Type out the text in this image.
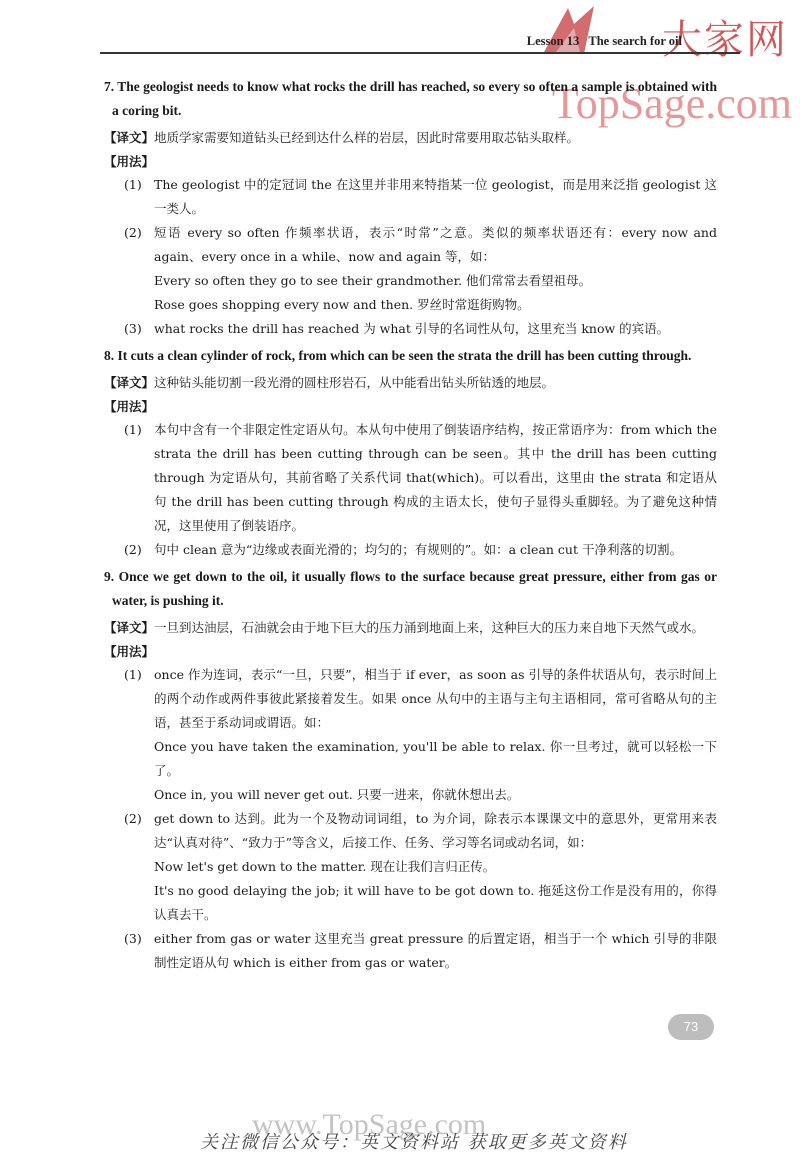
大家网
Lesson 13 The search for oil
TopSage.com

7. The geologist needs to know what rocks the drill has reached, so every so often a sample is obtained with a coring bit.

【译文】地质学家需要知道钻头已经到达什么样的岩层，因此时常要用取芯钻头取样。

【用法】

(1) The geologist 中的定冠词 the 在这里并非用来特指某一位 geologist，而是用来泛指 geologist 这一类人。

(2) 短语 every so often 作频率状语，表示“时常”之意。类似的频率状语还有：every now and again、every once in a while、now and again 等，如：

Every so often they go to see their grandmother. 他们常常去看望祖母。

Rose goes shopping every now and then. 罗丝时常逛街购物。

(3) what rocks the drill has reached 为 what 引导的名词性从句，这里充当 know 的宾语。

8. It cuts a clean cylinder of rock, from which can be seen the strata the drill has been cutting through.

【译文】这种钻头能切割一段光滑的圆柱形岩石，从中能看出钻头所钻透的地层。

【用法】

(1) 本句中含有一个非限定性定语从句。本从句中使用了倒装语序结构，按正常语序为：from which the strata the drill has been cutting through can be seen。其中 the drill has been cutting through 为定语从句，其前省略了关系代词 that(which)。可以看出，这里由 the strata 和定语从句 the drill has been cutting through 构成的主语太长，使句子显得头重脚轻。为了避免这种情况，这里使用了倒装语序。

(2) 句中 clean 意为“边缘或表面光滑的；均匀的；有规则的”。如：a clean cut 干净利落的切割。

9. Once we get down to the oil, it usually flows to the surface because great pressure, either from gas or water, is pushing it.

【译文】一旦到达油层，石油就会由于地下巨大的压力涌到地面上来，这种巨大的压力来自地下天然气或水。

【用法】

(1) once 作为连词，表示“一旦，只要”，相当于 if ever，as soon as 引导的条件状语从句，表示时间上的两个动作或两件事彼此紧接着发生。如果 once 从句中的主语与主句主语相同，常可省略从句的主语，甚至于系动词或谓语。如：

Once you have taken the examination, you'll be able to relax. 你一旦考过，就可以轻松一下了。

Once in, you will never get out. 只要一进来，你就休想出去。

(2) get down to 达到。此为一个及物动词词组，to 为介词，除表示本课课文中的意思外，更常用来表达“认真对待”、“致力于”等含义，后接工作、任务、学习等名词或动名词，如：

Now let's get down to the matter. 现在让我们言归正传。

It's no good delaying the job; it will have to be got down to. 拖延这份工作是没有用的，你得认真去干。

(3) either from gas or water 这里充当 great pressure 的后置定语，相当于一个 which 引导的非限制性定语从句 which is either from gas or water。

73
www.TopSage.com
关注微信公众号：英文资料站 获取更多英文资料
